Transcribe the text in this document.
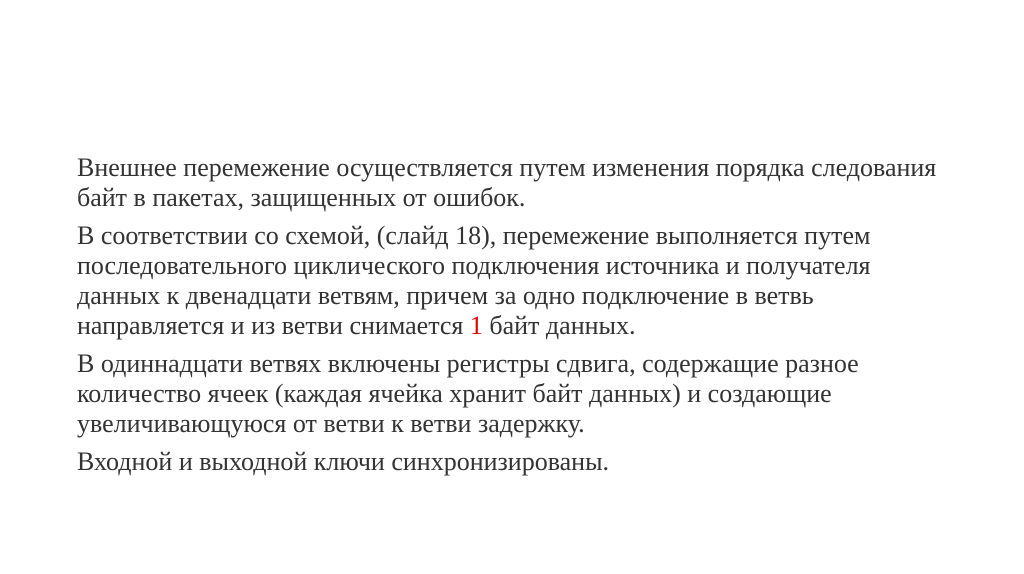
Внешнее перемежение осуществляется путем изменения порядка следования байт в пакетах, защищенных от ошибок.

В соответствии со схемой, (слайд 18), перемежение выполняется путем последовательного циклического подключения источника и получателя данных к двенадцати ветвям, причем за одно подключение в ветвь направляется и из ветви снимается 1 байт данных.

В одиннадцати ветвях включены регистры сдвига, содержащие разное количество ячеек (каждая ячейка хранит байт данных) и создающие увеличивающуюся от ветви к ветви задержку.

Входной и выходной ключи синхронизированы.
